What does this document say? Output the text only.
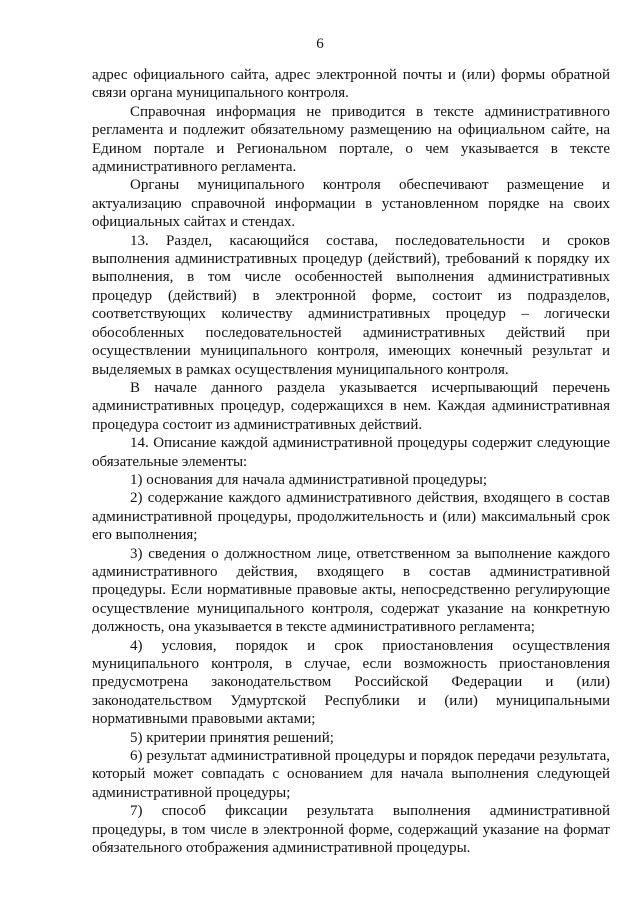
6

адрес официального сайта, адрес электронной почты и (или) формы обратной связи органа муниципального контроля.

Справочная информация не приводится в тексте административного регламента и подлежит обязательному размещению на официальном сайте, на Едином портале и Региональном портале, о чем указывается в тексте административного регламента.

Органы муниципального контроля обеспечивают размещение и актуализацию справочной информации в установленном порядке на своих официальных сайтах и стендах.

13. Раздел, касающийся состава, последовательности и сроков выполнения административных процедур (действий), требований к порядку их выполнения, в том числе особенностей выполнения административных процедур (действий) в электронной форме, состоит из подразделов, соответствующих количеству административных процедур – логически обособленных последовательностей административных действий при осуществлении муниципального контроля, имеющих конечный результат и выделяемых в рамках осуществления муниципального контроля.

В начале данного раздела указывается исчерпывающий перечень административных процедур, содержащихся в нем. Каждая административная процедура состоит из административных действий.

14. Описание каждой административной процедуры содержит следующие обязательные элементы:

1) основания для начала административной процедуры;

2) содержание каждого административного действия, входящего в состав административной процедуры, продолжительность и (или) максимальный срок его выполнения;

3) сведения о должностном лице, ответственном за выполнение каждого административного действия, входящего в состав административной процедуры. Если нормативные правовые акты, непосредственно регулирующие осуществление муниципального контроля, содержат указание на конкретную должность, она указывается в тексте административного регламента;

4) условия, порядок и срок приостановления осуществления муниципального контроля, в случае, если возможность приостановления предусмотрена законодательством Российской Федерации и (или) законодательством Удмуртской Республики и (или) муниципальными нормативными правовыми актами;

5) критерии принятия решений;

6) результат административной процедуры и порядок передачи результата, который может совпадать с основанием для начала выполнения следующей административной процедуры;

7) способ фиксации результата выполнения административной процедуры, в том числе в электронной форме, содержащий указание на формат обязательного отображения административной процедуры.
